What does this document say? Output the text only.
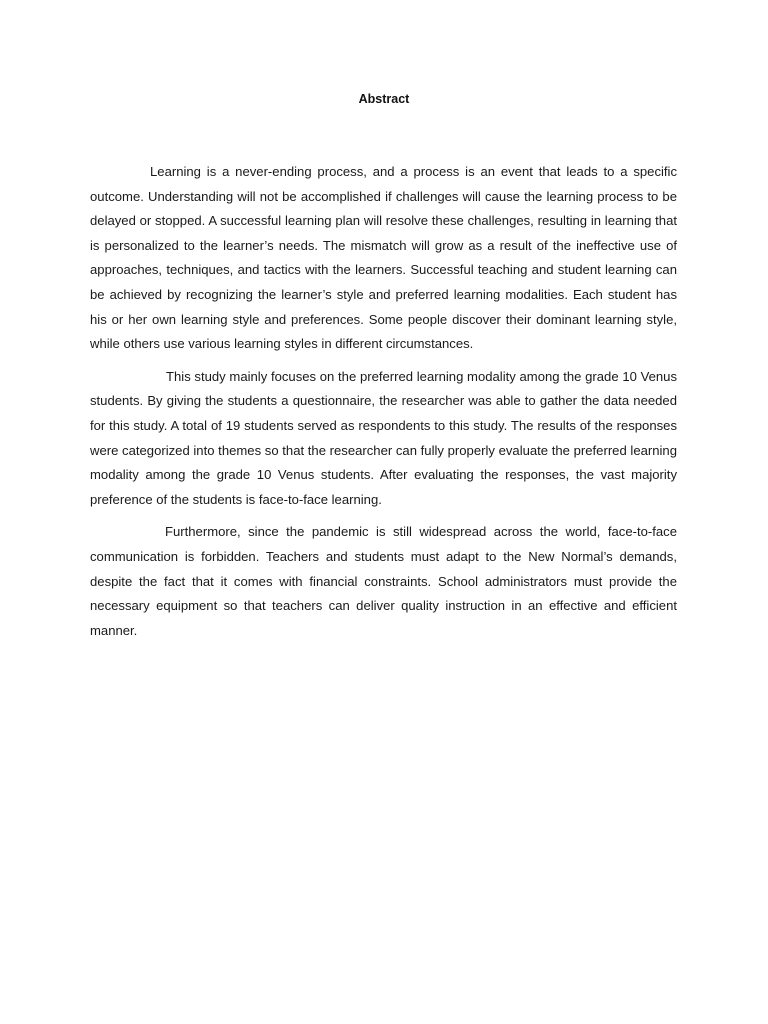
Abstract

Learning is a never-ending process, and a process is an event that leads to a specific outcome. Understanding will not be accomplished if challenges will cause the learning process to be delayed or stopped. A successful learning plan will resolve these challenges, resulting in learning that is personalized to the learner’s needs. The mismatch will grow as a result of the ineffective use of approaches, techniques, and tactics with the learners. Successful teaching and student learning can be achieved by recognizing the learner’s style and preferred learning modalities. Each student has his or her own learning style and preferences. Some people discover their dominant learning style, while others use various learning styles in different circumstances.

This study mainly focuses on the preferred learning modality among the grade 10 Venus students. By giving the students a questionnaire, the researcher was able to gather the data needed for this study. A total of 19 students served as respondents to this study. The results of the responses were categorized into themes so that the researcher can fully properly evaluate the preferred learning modality among the grade 10 Venus students. After evaluating the responses, the vast majority preference of the students is face-to-face learning.

Furthermore, since the pandemic is still widespread across the world, face-to-face communication is forbidden. Teachers and students must adapt to the New Normal’s demands, despite the fact that it comes with financial constraints. School administrators must provide the necessary equipment so that teachers can deliver quality instruction in an effective and efficient manner.
